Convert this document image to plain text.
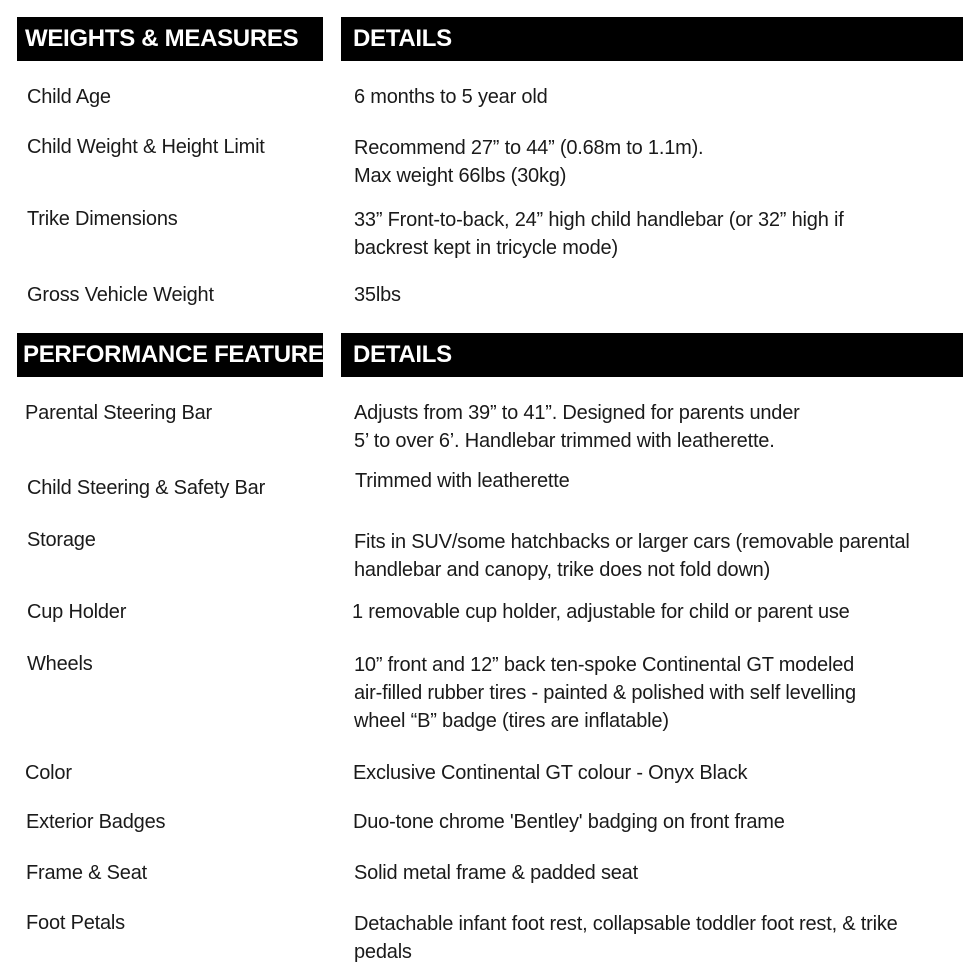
WEIGHTS & MEASURES	DETAILS
Child Age	6 months to 5 year old
Child Weight & Height Limit	Recommend 27” to 44” (0.68m to 1.1m).
Max weight 66lbs (30kg)
Trike Dimensions	33” Front-to-back, 24” high child handlebar (or 32” high if
backrest kept in tricycle mode)
Gross Vehicle Weight	35lbs
PERFORMANCE FEATURES DETAILS
Parental Steering Bar	Adjusts from 39” to 41”. Designed for parents under
5’ to over 6’. Handlebar trimmed with leatherette.
Child Steering & Safety Bar	Trimmed with leatherette
Storage	Fits in SUV/some hatchbacks or larger cars (removable parental
handlebar and canopy, trike does not fold down)
Cup Holder	1 removable cup holder, adjustable for child or parent use
Wheels	10” front and 12” back ten-spoke Continental GT modeled
air-filled rubber tires - painted & polished with self levelling
wheel “B” badge (tires are inflatable)
Color	Exclusive Continental GT colour - Onyx Black
Exterior Badges	Duo-tone chrome 'Bentley' badging on front frame
Frame & Seat	Solid metal frame & padded seat
Foot Petals	Detachable infant foot rest, collapsable toddler foot rest, & trike
pedals
